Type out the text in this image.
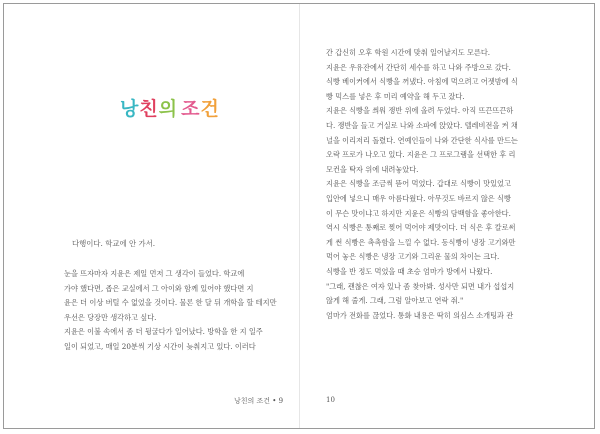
낭친의 조건
다행이다. 학교에 안 가서.
눈을 뜨자마자 지윤은 제일 먼저 그 생각이 들었다. 학교에
가야 했다면, 좁은 교실에서 그 아이와 함께 있어야 했다면 지
윤은 더 이상 버틸 수 없었을 것이다. 물론 한 달 뒤 개학을 할 테지만
우선은 당장만 생각하고 싶다.
지윤은 이불 속에서 좀 더 뒹굴다가 일어났다. 방학을 한 지 일주
일이 되었고, 매일 20분씩 기상 시간이 늦춰지고 있다. 이러다
낭친의 조건 • 9
간 갑신히 오후 학원 시간에 맞춰 일어날지도 모른다.
지윤은 우유잔에서 간단히 세수를 하고 나와 주방으로 갔다.
식빵 베이커에서 식빵을 꺼냈다. 아침에 먹으려고 어젯밤에 식
빵 믹스를 넣은 후 미리 예약을 해 두고 잤다.
지윤은 식빵을 씌워 쟁반 위에 올려 두었다. 아직 뜨끈뜨끈하
다. 쟁반을 들고 거실로 나와 소파에 앉았다. 텔레비전을 켜 채
널을 이리저리 돌렸다. 연예인들이 나와 간단한 식사를 만드는
오락 프로가 나오고 있다. 지윤은 그 프로그램을 선택한 후 리
모컨을 탁자 위에 내려놓았다.
지윤은 식빵을 조금씩 뜯어 먹었다. 갑대로 식빵이 맛있었고
입안에 넣으니 매우 아름다웠다. 아무것도 바르지 않은 식빵
이 무슨 맛이냐고 하지만 지윤은 식빵의 담백함을 좋아한다.
역시 식빵은 통째로 찢어 먹어야 제맛이다. 더 식은 후 칼로써
게 썬 식빵은 촉촉함을 느낄 수 없다. 동식빵이 냉장 고기와만
먹어 놓은 식빵은 냉장 고기와 그리운 물의 차이는 크다.
식빵을 반 정도 먹었을 때 초승 엄마가 방에서 나왔다.
"그래, 괜찮은 여자 있나 좀 찾아봐. 성사만 되면 내가 섭섭지
않게 해 줄게. 그래, 그럼 알아보고 연락 줘."
엄마가 전화를 끊었다. 통화 내용은 딱히 의심스 소개팅과 관
10
